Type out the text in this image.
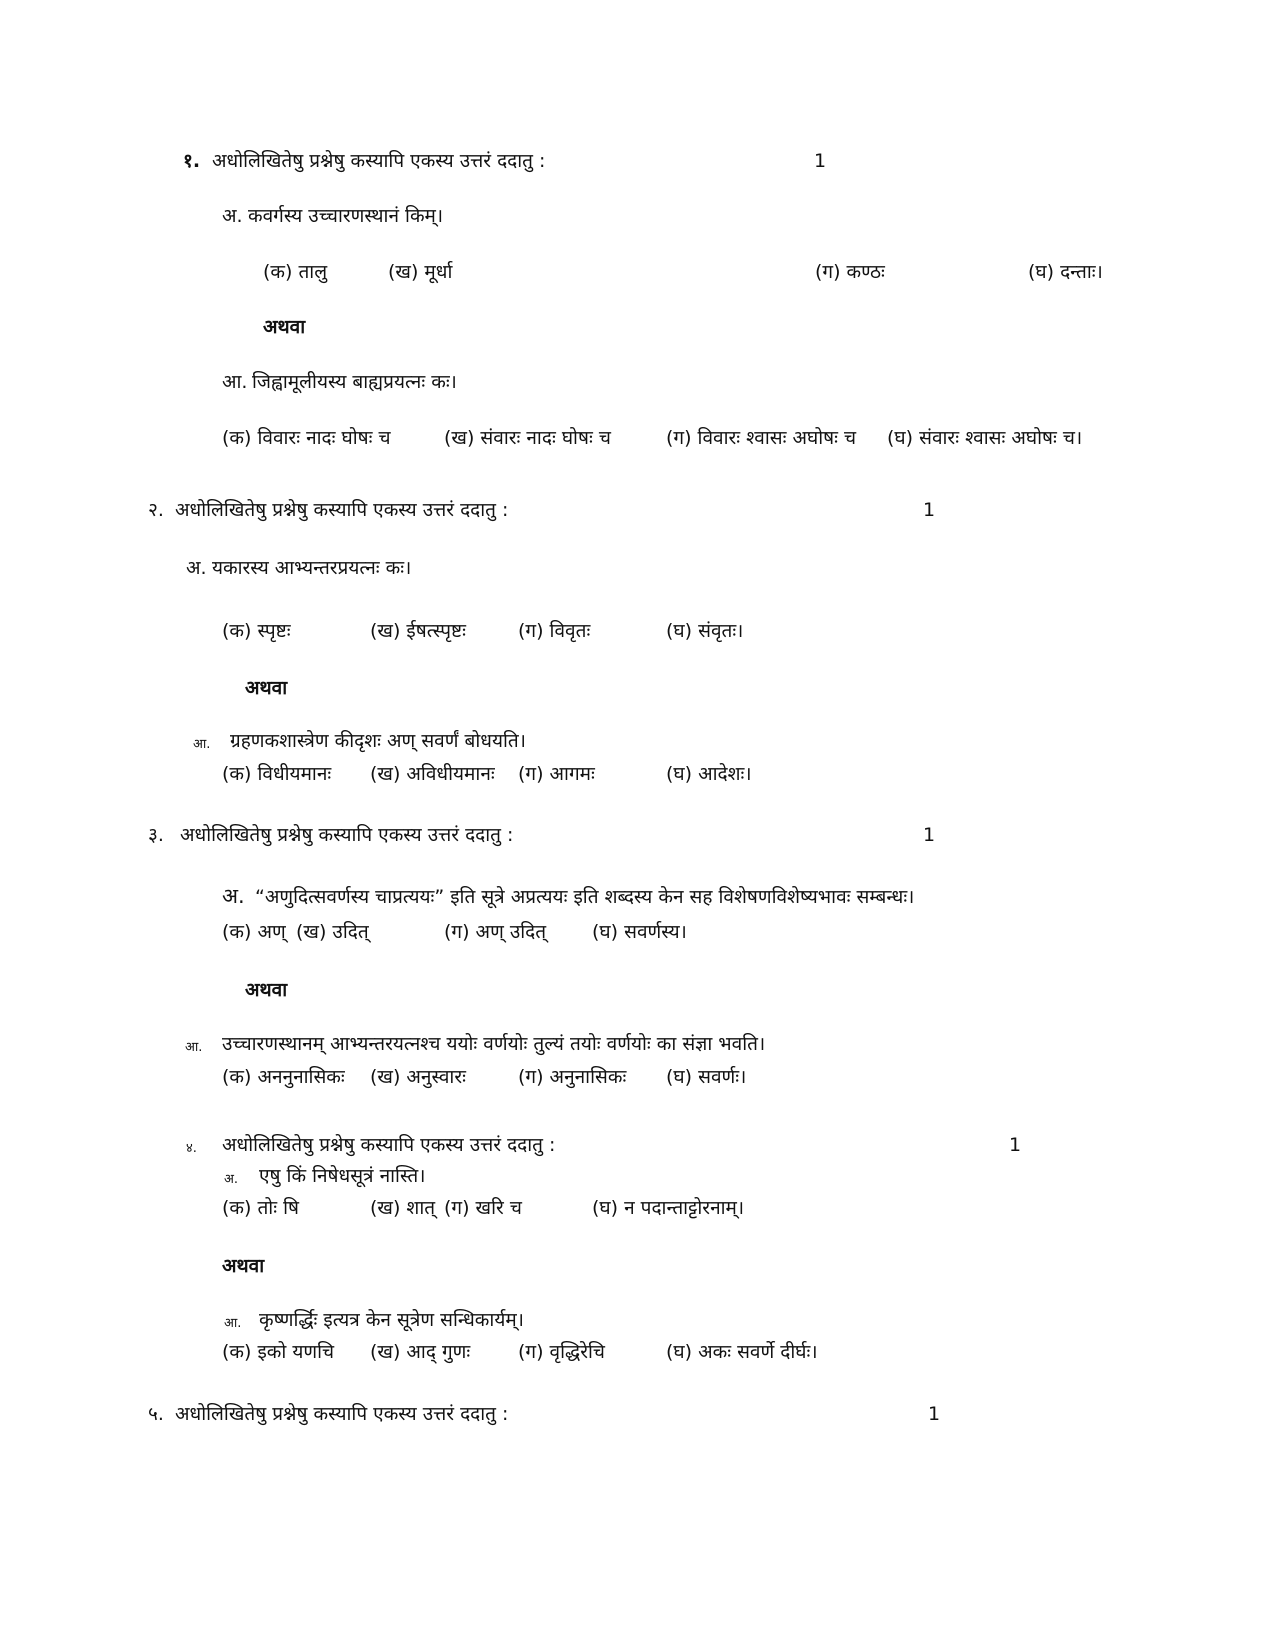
१. अधोलिखितेषु प्रश्नेषु कस्यापि एकस्य उत्तरं ददातु :	1
अ. कवर्गस्य उच्चारणस्थानं किम्।
(क) तालु	(ख) मूर्धा	(ग) कण्ठः	(घ) दन्ताः।
अथवा
आ. जिह्वामूलीयस्य बाह्यप्रयत्नः कः।
(क) विवारः नादः घोषः च	(ख) संवारः नादः घोषः च	(ग) विवारः श्वासः अघोषः च (घ) संवारः श्वासः अघोषः च।
२. अधोलिखितेषु प्रश्नेषु कस्यापि एकस्य उत्तरं ददातु :	1
अ. यकारस्य आभ्यन्तरप्रयत्नः कः।
(क) स्पृष्टः	(ख) ईषत्स्पृष्टः	(ग) विवृतः	(घ) संवृतः।
अथवा
आ. ग्रहणकशास्त्रेण कीदृशः अण् सवर्णं बोधयति।
(क) विधीयमानः (ख) अविधीयमानः (ग) आगमः	(घ) आदेशः।
३. अधोलिखितेषु प्रश्नेषु कस्यापि एकस्य उत्तरं ददातु :	1
अ. “अणुदित्सवर्णस्य चाप्रत्ययः” इति सूत्रे अप्रत्ययः इति शब्दस्य केन सह विशेषणविशेष्यभावः सम्बन्धः।
(क) अण् (ख) उदित्	(ग) अण् उदित् (घ) सवर्णस्य।
अथवा
आ. उच्चारणस्थानम् आभ्यन्तरयत्नश्च ययोः वर्णयोः तुल्यं तयोः वर्णयोः का संज्ञा भवति।
(क) अननुनासिकः (ख) अनुस्वारः	(ग) अनुनासिकः (घ) सवर्णः।
४. अधोलिखितेषु प्रश्नेषु कस्यापि एकस्य उत्तरं ददातु :	1
अ. एषु किं निषेधसूत्रं नास्ति।
(क) तोः षि	(ख) शात् (ग) खरि च	(घ) न पदान्ताट्टोरनाम्।
अथवा
आ. कृष्णर्द्धिः इत्यत्र केन सूत्रेण सन्धिकार्यम्।
(क) इको यणचि (ख) आद् गुणः	(ग) वृद्धिरेचि	(घ) अकः सवर्णे दीर्घः।
५. अधोलिखितेषु प्रश्नेषु कस्यापि एकस्य उत्तरं ददातु :	1
